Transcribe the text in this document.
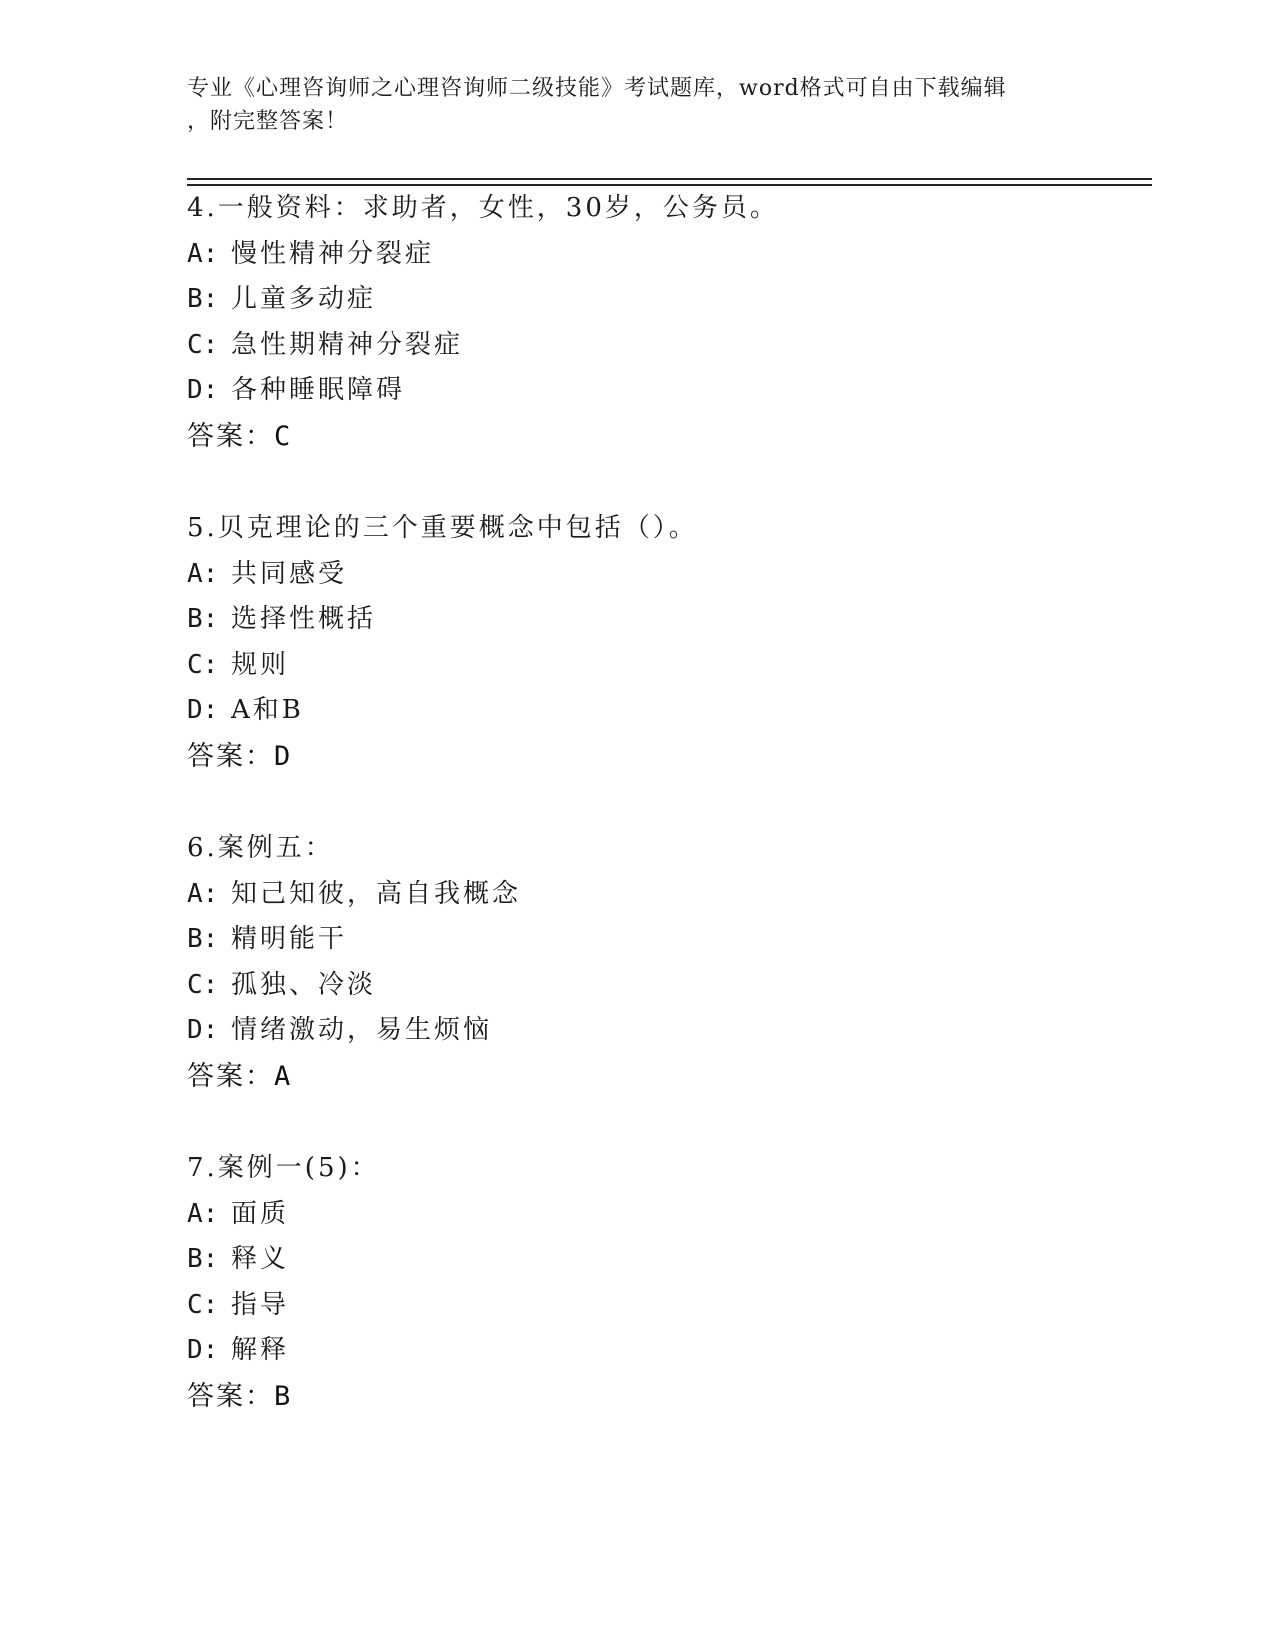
专业《心理咨询师之心理咨询师二级技能》考试题库，word格式可自由下载编辑
，附完整答案！
4.一般资料：求助者，女性，30岁，公务员。
A: 慢性精神分裂症
B: 儿童多动症
C: 急性期精神分裂症
D: 各种睡眠障碍
答案：C
5.贝克理论的三个重要概念中包括（）。
A: 共同感受
B: 选择性概括
C: 规则
D: A和B
答案：D
6.案例五：
A: 知己知彼，高自我概念
B: 精明能干
C: 孤独、冷淡
D: 情绪激动，易生烦恼
答案：A
7.案例一(5)：
A: 面质
B: 释义
C: 指导
D: 解释
答案：B
